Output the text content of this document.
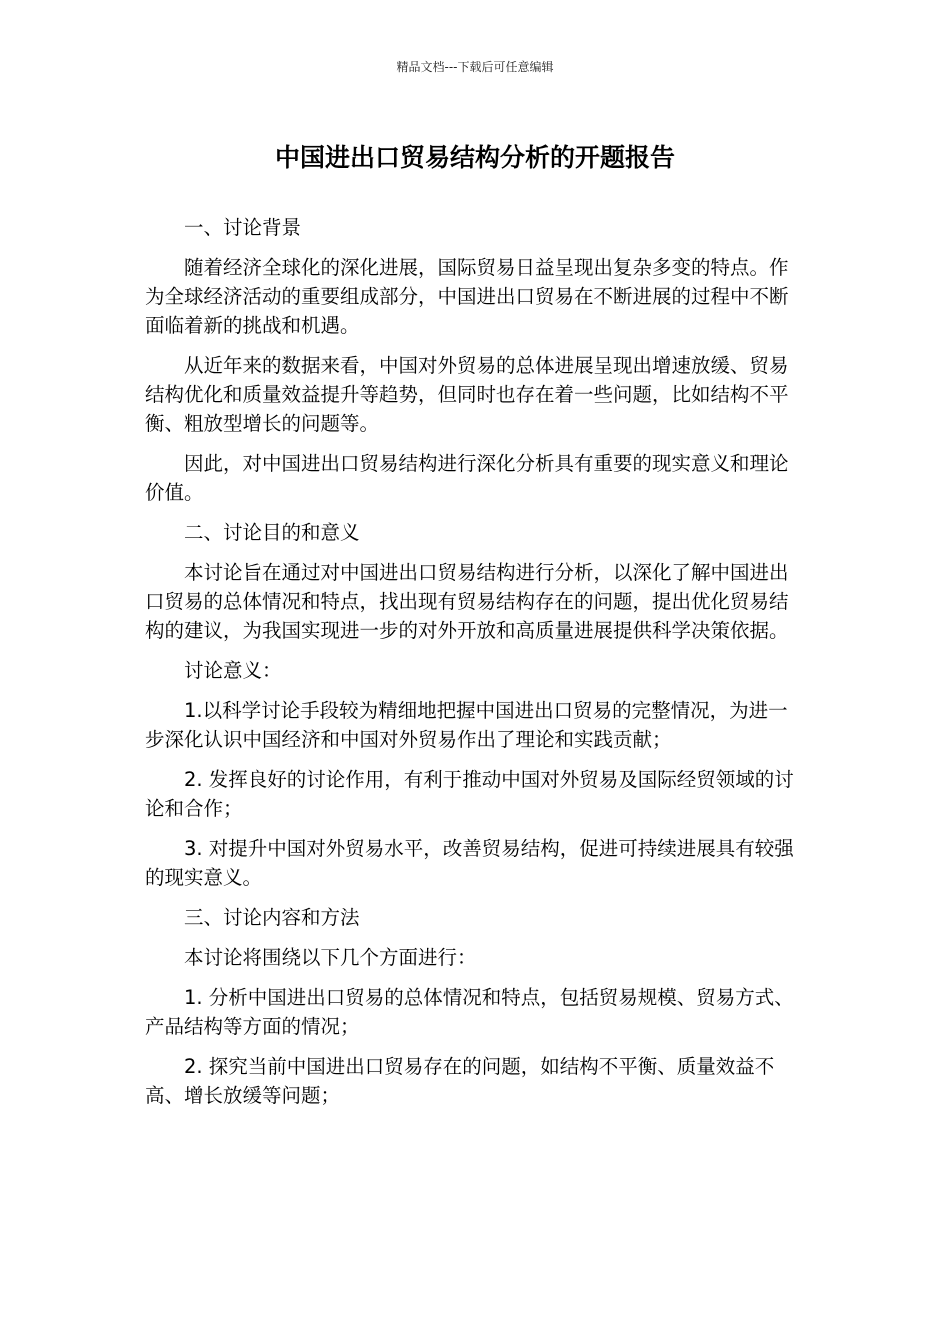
精品文档---下载后可任意编辑
中国进出口贸易结构分析的开题报告

一、讨论背景

随着经济全球化的深化进展，国际贸易日益呈现出复杂多变的特点。作为全球经济活动的重要组成部分，中国进出口贸易在不断进展的过程中不断面临着新的挑战和机遇。

从近年来的数据来看，中国对外贸易的总体进展呈现出增速放缓、贸易结构优化和质量效益提升等趋势，但同时也存在着一些问题，比如结构不平衡、粗放型增长的问题等。

因此，对中国进出口贸易结构进行深化分析具有重要的现实意义和理论价值。

二、讨论目的和意义

本讨论旨在通过对中国进出口贸易结构进行分析，以深化了解中国进出口贸易的总体情况和特点，找出现有贸易结构存在的问题，提出优化贸易结构的建议，为我国实现进一步的对外开放和高质量进展提供科学决策依据。

讨论意义：

1.以科学讨论手段较为精细地把握中国进出口贸易的完整情况，为进一步深化认识中国经济和中国对外贸易作出了理论和实践贡献；

2. 发挥良好的讨论作用，有利于推动中国对外贸易及国际经贸领域的讨论和合作；

3. 对提升中国对外贸易水平，改善贸易结构，促进可持续进展具有较强的现实意义。

三、讨论内容和方法

本讨论将围绕以下几个方面进行：

1. 分析中国进出口贸易的总体情况和特点，包括贸易规模、贸易方式、产品结构等方面的情况；

2. 探究当前中国进出口贸易存在的问题，如结构不平衡、质量效益不高、增长放缓等问题；
